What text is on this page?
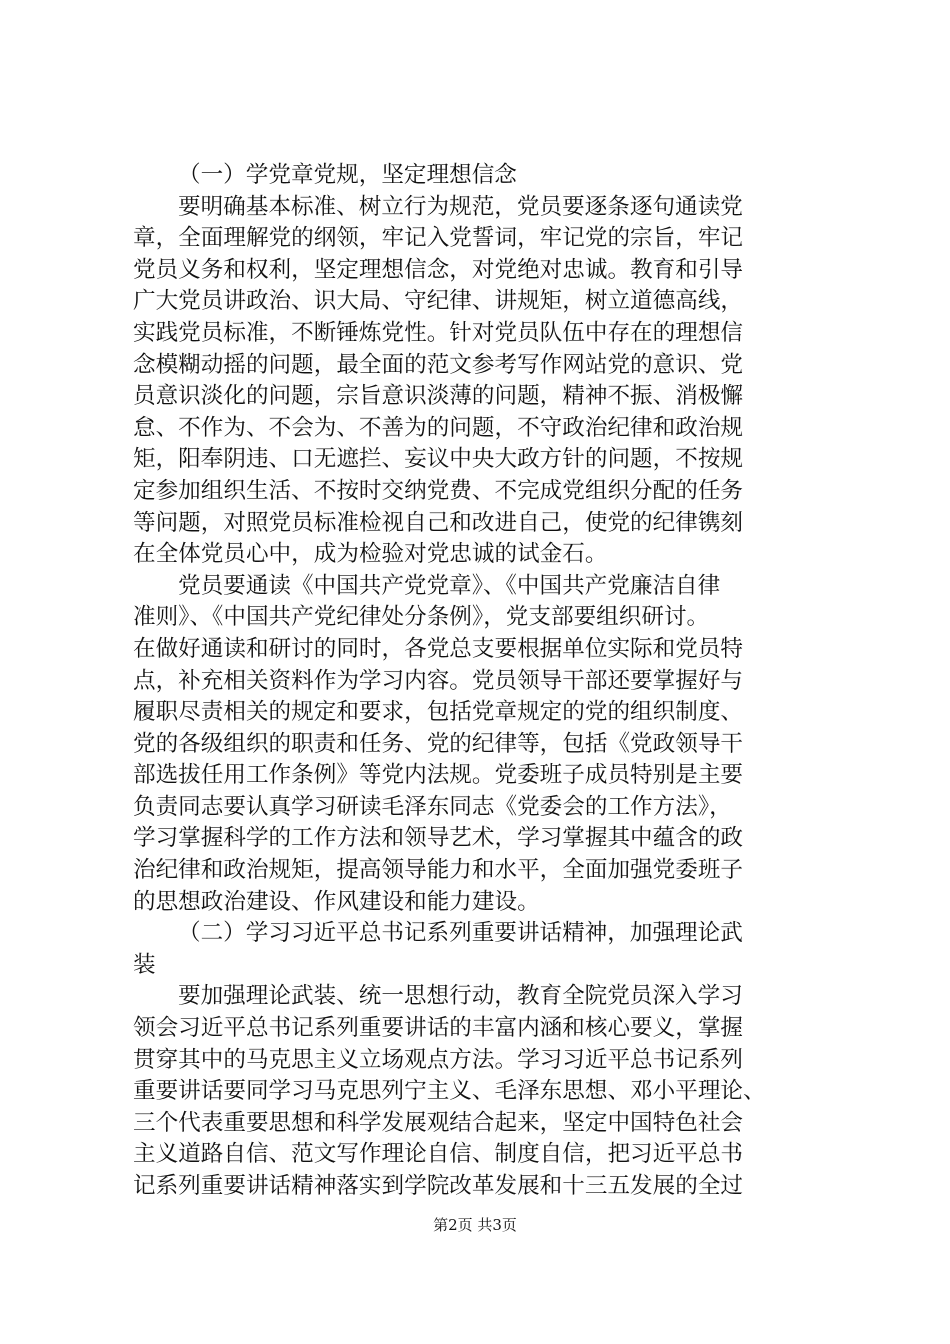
（一）学党章党规，坚定理想信念
要明确基本标准、树立行为规范，党员要逐条逐句通读党
章，全面理解党的纲领，牢记入党誓词，牢记党的宗旨，牢记
党员义务和权利，坚定理想信念，对党绝对忠诚。教育和引导
广大党员讲政治、识大局、守纪律、讲规矩，树立道德高线，
实践党员标准，不断锤炼党性。针对党员队伍中存在的理想信
念模糊动摇的问题，最全面的范文参考写作网站党的意识、党
员意识淡化的问题，宗旨意识淡薄的问题，精神不振、消极懈
怠、不作为、不会为、不善为的问题，不守政治纪律和政治规
矩，阳奉阴违、口无遮拦、妄议中央大政方针的问题，不按规
定参加组织生活、不按时交纳党费、不完成党组织分配的任务
等问题，对照党员标准检视自己和改进自己，使党的纪律镌刻
在全体党员心中，成为检验对党忠诚的试金石。
党员要通读《中国共产党党章》、《中国共产党廉洁自律
准则》、《中国共产党纪律处分条例》，党支部要组织研讨。
在做好通读和研讨的同时，各党总支要根据单位实际和党员特
点，补充相关资料作为学习内容。党员领导干部还要掌握好与
履职尽责相关的规定和要求，包括党章规定的党的组织制度、
党的各级组织的职责和任务、党的纪律等，包括《党政领导干
部选拔任用工作条例》等党内法规。党委班子成员特别是主要
负责同志要认真学习研读毛泽东同志《党委会的工作方法》，
学习掌握科学的工作方法和领导艺术，学习掌握其中蕴含的政
治纪律和政治规矩，提高领导能力和水平，全面加强党委班子
的思想政治建设、作风建设和能力建设。
（二）学习习近平总书记系列重要讲话精神，加强理论武
装
要加强理论武装、统一思想行动，教育全院党员深入学习
领会习近平总书记系列重要讲话的丰富内涵和核心要义，掌握
贯穿其中的马克思主义立场观点方法。学习习近平总书记系列
重要讲话要同学习马克思列宁主义、毛泽东思想、邓小平理论、
三个代表重要思想和科学发展观结合起来，坚定中国特色社会
主义道路自信、范文写作理论自信、制度自信，把习近平总书
记系列重要讲话精神落实到学院改革发展和十三五发展的全过
第2页 共3页
